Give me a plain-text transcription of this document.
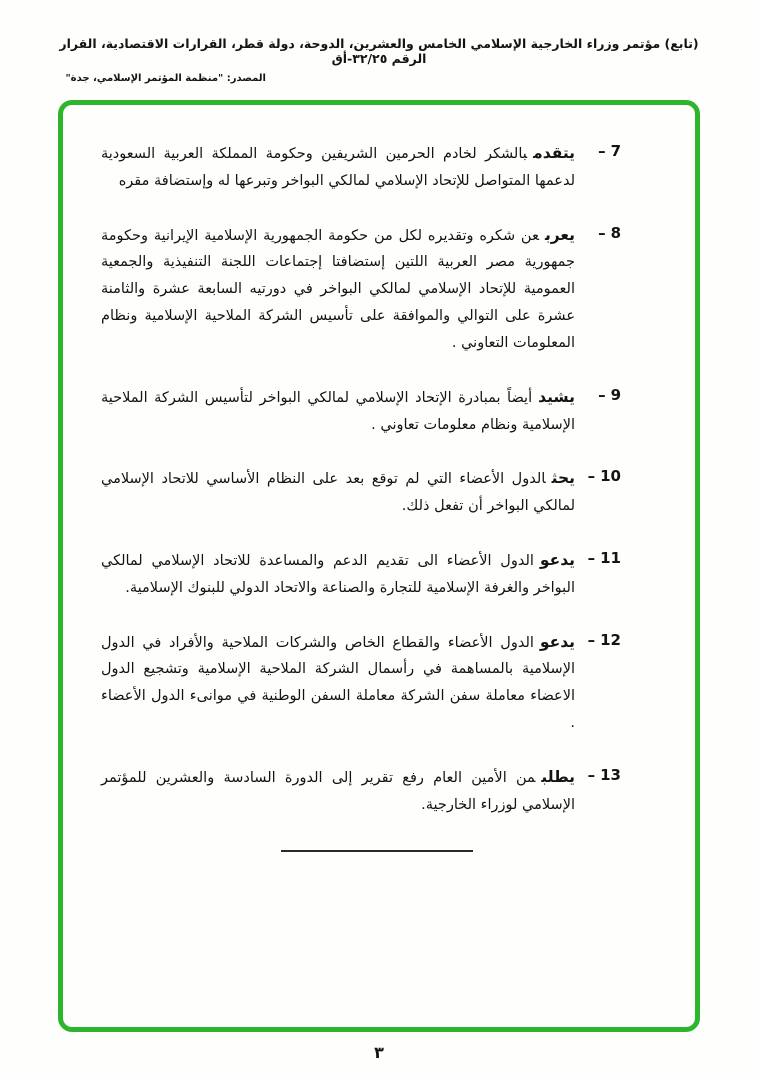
(تابع) مؤتمر وزراء الخارجية الإسلامي الخامس والعشرين، الدوحة، دولة قطر، القرارات الاقتصادية، القرار الرقم ٣٢/٢٥-أق
المصدر: "منظمة المؤتمر الإسلامي، جدة"
– 7
يتقدمبالشكر لخادم الحرمين الشريفين وحكومة المملكة العربية السعودية لدعمها المتواصل للإتحاد الإسلامي لمالكي البواخر وتبرعها له وإستضافة مقره
– 8
يعربعن شكره وتقديره لكل من حكومة الجمهورية الإسلامية الإيرانية وحكومة جمهورية مصر العربية اللتين إستضافتا إجتماعات اللجنة التنفيذية والجمعية العمومية للإتحاد الإسلامي لمالكي البواخر في دورتيه السابعة عشرة والثامنة عشرة على التوالي والموافقة على تأسيس الشركة الملاحية الإسلامية ونظام المعلومات التعاوني .
– 9
يشيدأيضاً بمبادرة الإتحاد الإسلامي لمالكي البواخر لتأسيس الشركة الملاحية الإسلامية ونظام معلومات تعاوني .
– 10
يحثالدول الأعضاء التي لم توقع بعد على النظام الأساسي للاتحاد الإسلامي لمالكي البواخر أن تفعل ذلك.
– 11
يدعوالدول الأعضاء الى تقديم الدعم والمساعدة للاتحاد الإسلامي لمالكي البواخر والغرفة الإسلامية للتجارة والصناعة والاتحاد الدولي للبنوك الإسلامية.
– 12
يدعوالدول الأعضاء والقطاع الخاص والشركات الملاحية والأفراد في الدول الإسلامية بالمساهمة في رأسمال الشركة الملاحية الإسلامية وتشجيع الدول الاعضاء معاملة سفن الشركة معاملة السفن الوطنية في موانىء الدول الأعضاء .
– 13
يطلبمن الأمين العام رفع تقرير إلى الدورة السادسة والعشرين للمؤتمر الإسلامي لوزراء الخارجية.
٣
